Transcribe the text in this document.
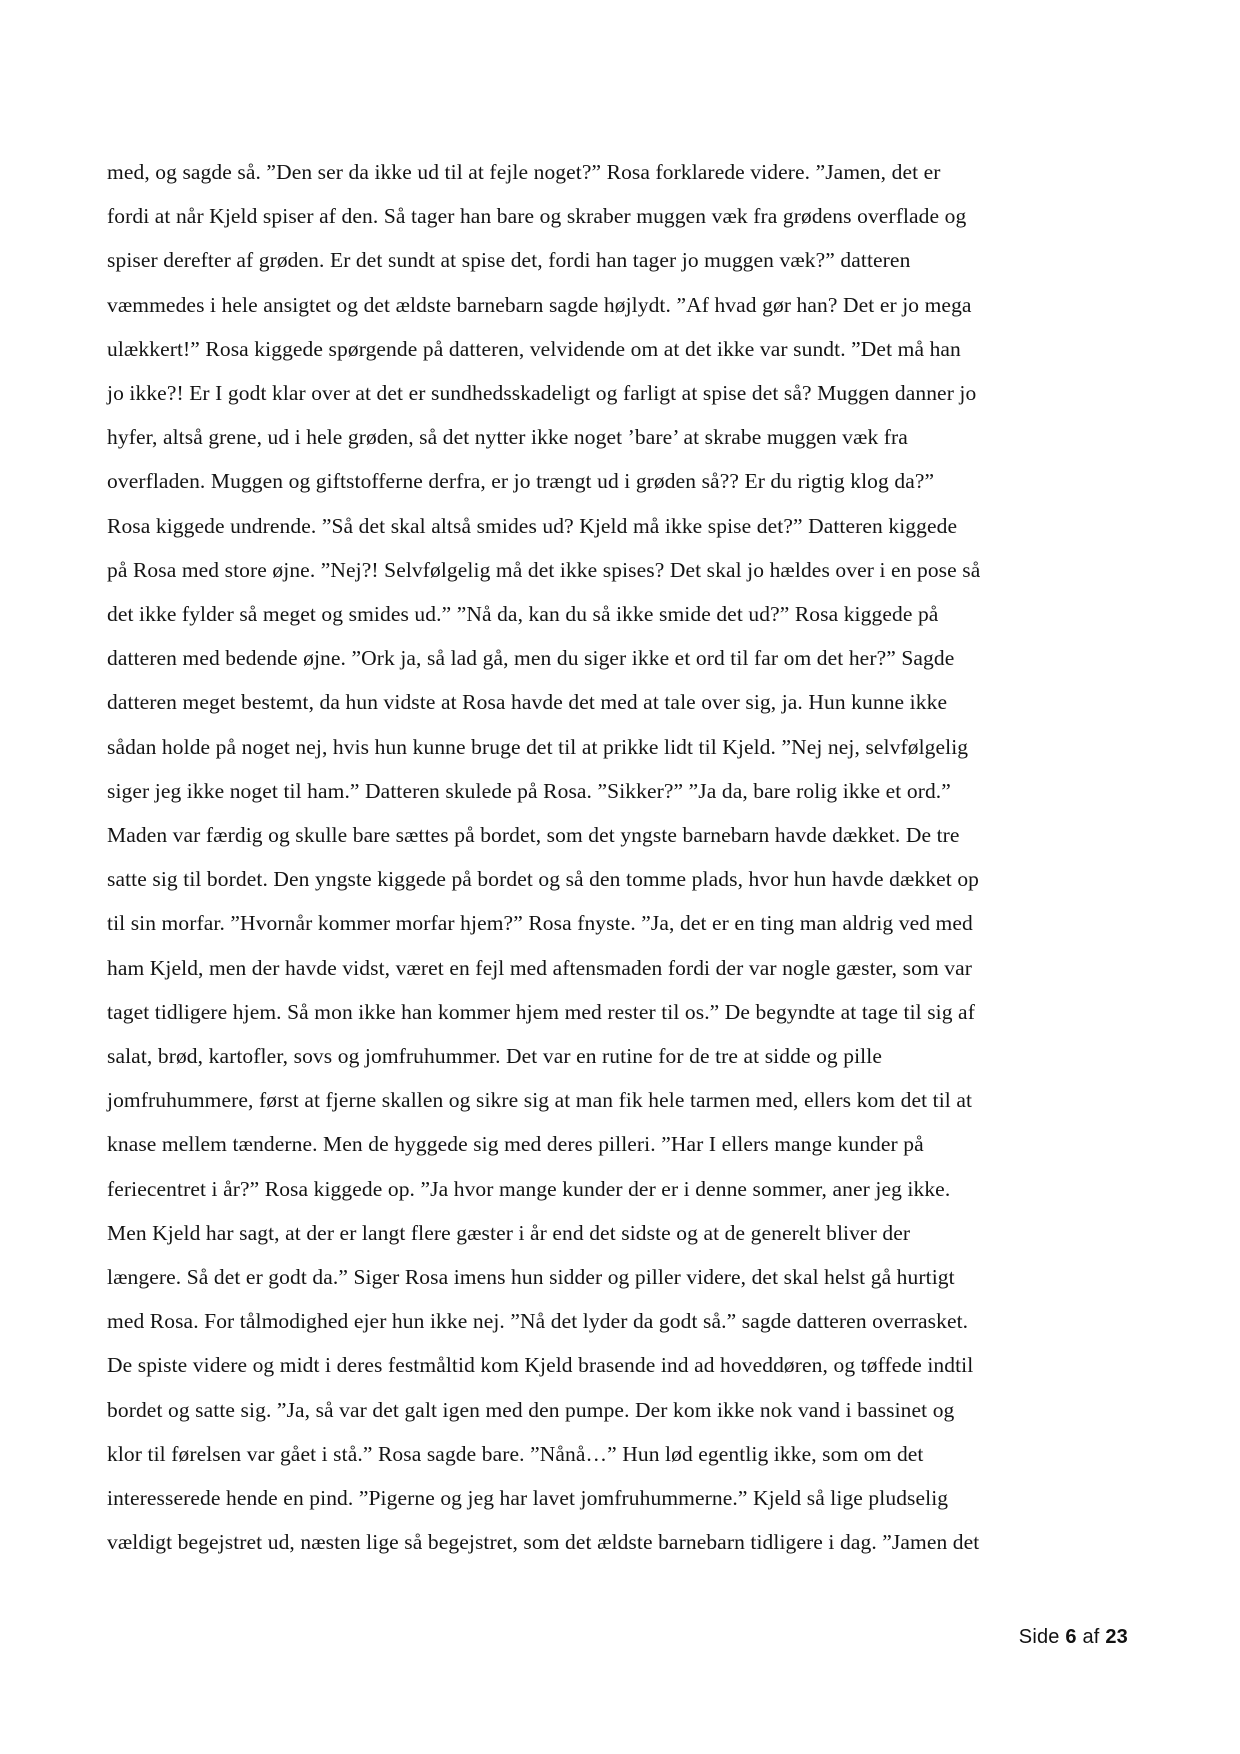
med, og sagde så. ”Den ser da ikke ud til at fejle noget?” Rosa forklarede videre. ”Jamen, det er
fordi at når Kjeld spiser af den. Så tager han bare og skraber muggen væk fra grødens overflade og
spiser derefter af grøden. Er det sundt at spise det, fordi han tager jo muggen væk?” datteren
væmmedes i hele ansigtet og det ældste barnebarn sagde højlydt. ”Af hvad gør han? Det er jo mega
ulækkert!” Rosa kiggede spørgende på datteren, velvidende om at det ikke var sundt. ”Det må han
jo ikke?! Er I godt klar over at det er sundhedsskadeligt og farligt at spise det så? Muggen danner jo
hyfer, altså grene, ud i hele grøden, så det nytter ikke noget ’bare’ at skrabe muggen væk fra
overfladen. Muggen og giftstofferne derfra, er jo trængt ud i grøden så?? Er du rigtig klog da?”
Rosa kiggede undrende. ”Så det skal altså smides ud? Kjeld må ikke spise det?” Datteren kiggede
på Rosa med store øjne. ”Nej?! Selvfølgelig må det ikke spises? Det skal jo hældes over i en pose så
det ikke fylder så meget og smides ud.” ”Nå da, kan du så ikke smide det ud?” Rosa kiggede på
datteren med bedende øjne. ”Ork ja, så lad gå, men du siger ikke et ord til far om det her?” Sagde
datteren meget bestemt, da hun vidste at Rosa havde det med at tale over sig, ja. Hun kunne ikke
sådan holde på noget nej, hvis hun kunne bruge det til at prikke lidt til Kjeld. ”Nej nej, selvfølgelig
siger jeg ikke noget til ham.” Datteren skulede på Rosa. ”Sikker?” ”Ja da, bare rolig ikke et ord.”
Maden var færdig og skulle bare sættes på bordet, som det yngste barnebarn havde dækket. De tre
satte sig til bordet. Den yngste kiggede på bordet og så den tomme plads, hvor hun havde dækket op
til sin morfar. ”Hvornår kommer morfar hjem?” Rosa fnyste. ”Ja, det er en ting man aldrig ved med
ham Kjeld, men der havde vidst, været en fejl med aftensmaden fordi der var nogle gæster, som var
taget tidligere hjem. Så mon ikke han kommer hjem med rester til os.” De begyndte at tage til sig af
salat, brød, kartofler, sovs og jomfruhummer. Det var en rutine for de tre at sidde og pille
jomfruhummere, først at fjerne skallen og sikre sig at man fik hele tarmen med, ellers kom det til at
knase mellem tænderne. Men de hyggede sig med deres pilleri. ”Har I ellers mange kunder på
feriecentret i år?” Rosa kiggede op. ”Ja hvor mange kunder der er i denne sommer, aner jeg ikke.
Men Kjeld har sagt, at der er langt flere gæster i år end det sidste og at de generelt bliver der
længere. Så det er godt da.” Siger Rosa imens hun sidder og piller videre, det skal helst gå hurtigt
med Rosa. For tålmodighed ejer hun ikke nej. ”Nå det lyder da godt så.” sagde datteren overrasket.
De spiste videre og midt i deres festmåltid kom Kjeld brasende ind ad hoveddøren, og tøffede indtil
bordet og satte sig. ”Ja, så var det galt igen med den pumpe. Der kom ikke nok vand i bassinet og
klor til førelsen var gået i stå.” Rosa sagde bare. ”Nånå…” Hun lød egentlig ikke, som om det
interesserede hende en pind. ”Pigerne og jeg har lavet jomfruhummerne.” Kjeld så lige pludselig
vældigt begejstret ud, næsten lige så begejstret, som det ældste barnebarn tidligere i dag. ”Jamen det
Side 6 af 23
